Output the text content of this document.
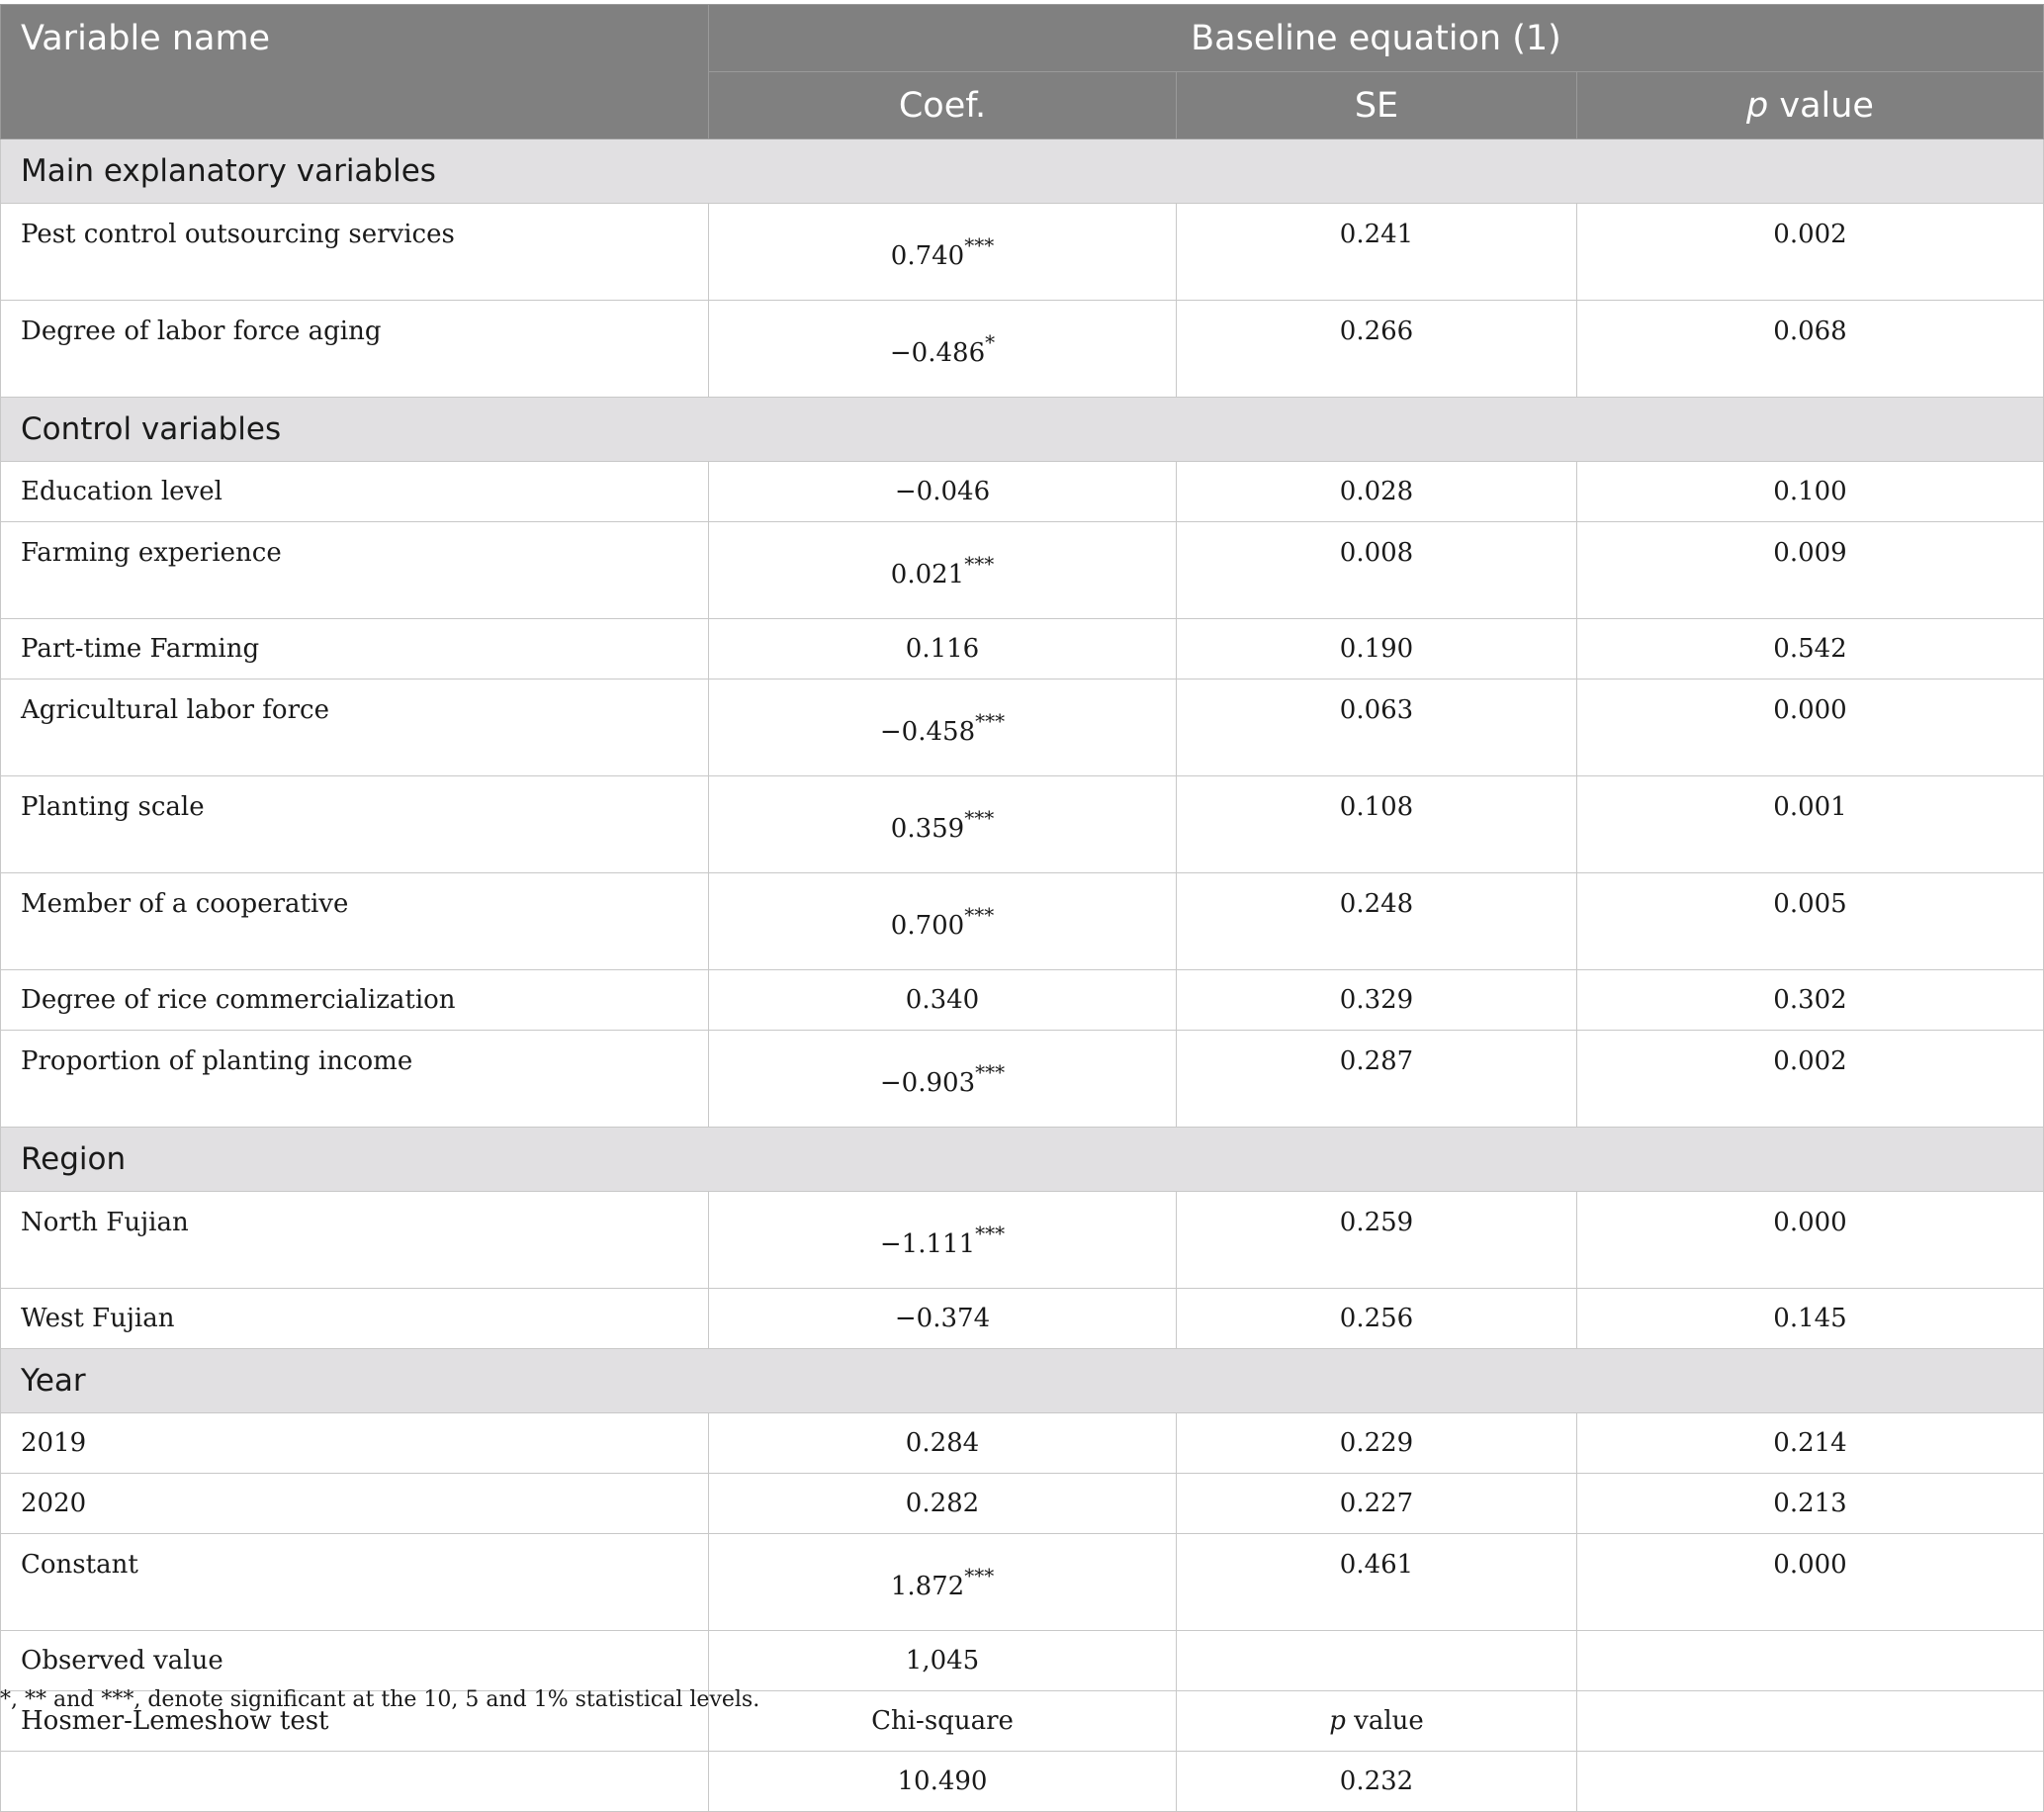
Variable name	Baseline equation (1)		
	Coef.	SE	p value
Main explanatory variables			
Pest control outsourcing services	0.740***	0.241	0.002
Degree of labor force aging	−0.486*	0.266	0.068
Control variables			
Education level	−0.046	0.028	0.100
Farming experience	0.021***	0.008	0.009
Part-time Farming	0.116	0.190	0.542
Agricultural labor force	−0.458***	0.063	0.000
Planting scale	0.359***	0.108	0.001
Member of a cooperative	0.700***	0.248	0.005
Degree of rice commercialization	0.340	0.329	0.302
Proportion of planting income	−0.903***	0.287	0.002
Region			
North Fujian	−1.111***	0.259	0.000
West Fujian	−0.374	0.256	0.145
Year			
2019	0.284	0.229	0.214
2020	0.282	0.227	0.213
Constant	1.872***	0.461	0.000
Observed value	1,045		
Hosmer-Lemeshow test	Chi-square	p value	
	10.490	0.232	
*, ** and ***, denote significant at the 10, 5 and 1% statistical levels.
